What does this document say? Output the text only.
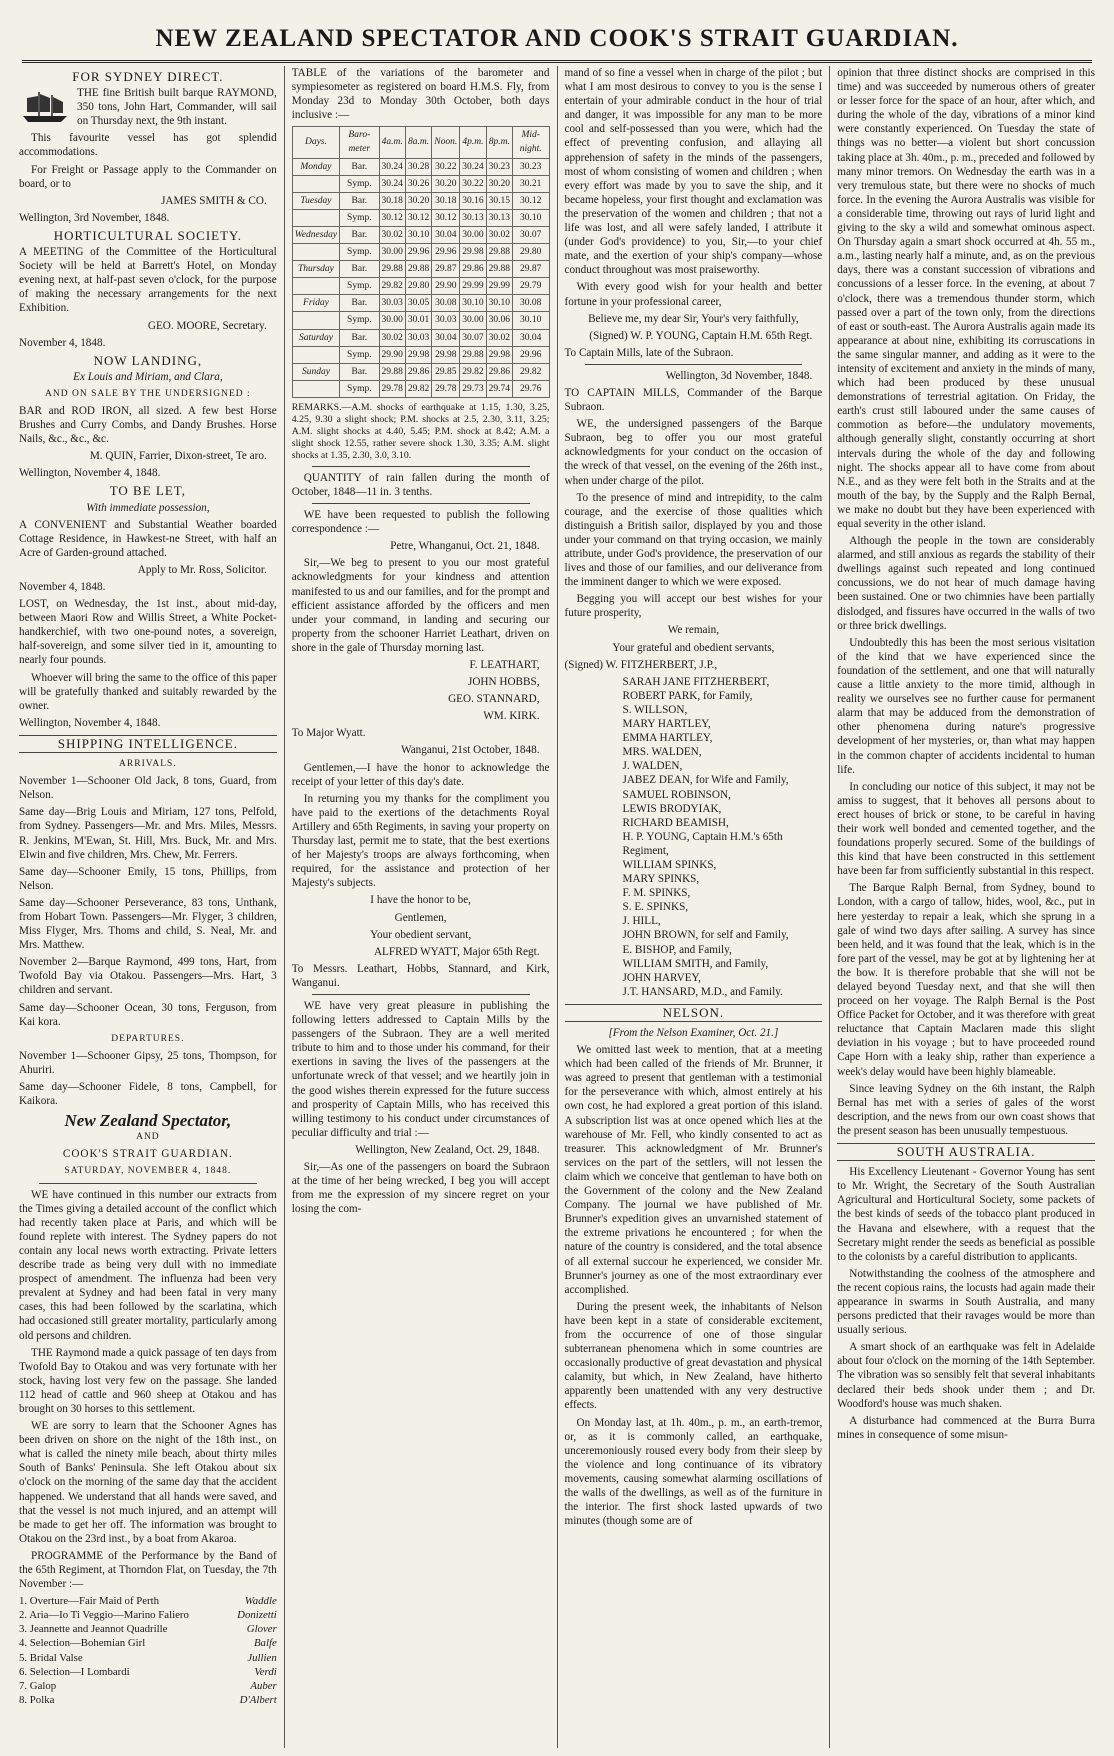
NEW ZEALAND SPECTATOR AND COOK'S STRAIT GUARDIAN.
FOR SYDNEY DIRECT.

THE fine British built barque RAYMOND, 350 tons, John Hart, Commander, will sail on Thursday next, the 9th instant.

This favourite vessel has got splendid accommodations.

For Freight or Passage apply to the Commander on board, or to

JAMES SMITH & CO.

Wellington, 3rd November, 1848.

HORTICULTURAL SOCIETY.

A MEETING of the Committee of the Horticultural Society will be held at Barrett's Hotel, on Monday evening next, at half-past seven o'clock, for the purpose of making the necessary arrangements for the next Exhibition.

GEO. MOORE, Secretary.

November 4, 1848.

NOW LANDING,

Ex Louis and Miriam, and Clara,

AND ON SALE BY THE UNDERSIGNED :

BAR and ROD IRON, all sized. A few best Horse Brushes and Curry Combs, and Dandy Brushes. Horse Nails, &c., &c., &c.

M. QUIN, Farrier, Dixon-street, Te aro.

Wellington, November 4, 1848.

TO BE LET,

With immediate possession,

A CONVENIENT and Substantial Weather boarded Cottage Residence, in Hawkest-ne Street, with half an Acre of Garden-ground attached.

Apply to Mr. Ross, Solicitor.

November 4, 1848.

LOST, on Wednesday, the 1st inst., about mid-day, between Maori Row and Willis Street, a White Pocket-handkerchief, with two one-pound notes, a sovereign, half-sovereign, and some silver tied in it, amounting to nearly four pounds.

Whoever will bring the same to the office of this paper will be gratefully thanked and suitably rewarded by the owner.

Wellington, November 4, 1848.

SHIPPING INTELLIGENCE.

ARRIVALS.

November 1—Schooner Old Jack, 8 tons, Guard, from Nelson.

Same day—Brig Louis and Miriam, 127 tons, Pelfold, from Sydney. Passengers—Mr. and Mrs. Miles, Messrs. R. Jenkins, M'Ewan, St. Hill, Mrs. Buck, Mr. and Mrs. Elwin and five children, Mrs. Chew, Mr. Ferrers.

Same day—Schooner Emily, 15 tons, Phillips, from Nelson.

Same day—Schooner Perseverance, 83 tons, Unthank, from Hobart Town. Passengers—Mr. Flyger, 3 children, Miss Flyger, Mrs. Thoms and child, S. Neal, Mr. and Mrs. Matthew.

November 2—Barque Raymond, 499 tons, Hart, from Twofold Bay via Otakou. Passengers—Mrs. Hart, 3 children and servant.

Same day—Schooner Ocean, 30 tons, Ferguson, from Kai kora.

DEPARTURES.

November 1—Schooner Gipsy, 25 tons, Thompson, for Ahuriri.

Same day—Schooner Fidele, 8 tons, Campbell, for Kaikora.

New Zealand Spectator,

AND

COOK'S STRAIT GUARDIAN.

SATURDAY, NOVEMBER 4, 1848.

WE have continued in this number our extracts from the Times giving a detailed account of the conflict which had recently taken place at Paris, and which will be found replete with interest. The Sydney papers do not contain any local news worth extracting. Private letters describe trade as being very dull with no immediate prospect of amendment. The influenza had been very prevalent at Sydney and had been fatal in very many cases, this had been followed by the scarlatina, which had occasioned still greater mortality, particularly among old persons and children.

THE Raymond made a quick passage of ten days from Twofold Bay to Otakou and was very fortunate with her stock, having lost very few on the passage. She landed 112 head of cattle and 960 sheep at Otakou and has brought on 30 horses to this settlement.

WE are sorry to learn that the Schooner Agnes has been driven on shore on the night of the 18th inst., on what is called the ninety mile beach, about thirty miles South of Banks' Peninsula. She left Otakou about six o'clock on the morning of the same day that the accident happened. We understand that all hands were saved, and that the vessel is not much injured, and an attempt will be made to get her off. The information was brought to Otakou on the 23rd inst., by a boat from Akaroa.

PROGRAMME of the Performance by the Band of the 65th Regiment, at Thorndon Flat, on Tuesday, the 7th November :—

1. Overture—Fair Maid of Perth	Waddle
2. Aria—Io Ti Veggio—Marino Faliero	Donizetti
3. Jeannette and Jeannot Quadrille	Glover
4. Selection—Bohemian Girl	Balfe
5. Bridal Valse	Jullien
6. Selection—I Lombardi	Verdi
7. Galop	Auber
8. Polka	D'Albert

TABLE of the variations of the barometer and sympiesometer as registered on board H.M.S. Fly, from Monday 23d to Monday 30th October, both days inclusive :—

Days.	Baro-meter	4a.m.	8a.m.	Noon.	4p.m.	8p.m.	Mid-night.
Monday	Bar.	30.24	30.28	30.22	30.24	30.23	30.23
	Symp.	30.24	30.26	30.20	30.22	30.20	30.21
Tuesday	Bar.	30.18	30.20	30.18	30.16	30.15	30.12
	Symp.	30.12	30.12	30.12	30.13	30.13	30.10
Wednesday	Bar.	30.02	30.10	30.04	30.00	30.02	30.07
	Symp.	30.00	29.96	29.96	29.98	29.88	29.80
Thursday	Bar.	29.88	29.88	29.87	29.86	29.88	29.87
	Symp.	29.82	29.80	29.90	29.99	29.99	29.79
Friday	Bar.	30.03	30.05	30.08	30.10	30.10	30.08
	Symp.	30.00	30.01	30.03	30.00	30.06	30.10
Saturday	Bar.	30.02	30.03	30.04	30.07	30.02	30.04
	Symp.	29.90	29.98	29.98	29.88	29.98	29.96
Sunday	Bar.	29.88	29.86	29.85	29.82	29.86	29.82
	Symp.	29.78	29.82	29.78	29.73	29.74	29.76

REMARKS.—A.M. shocks of earthquake at 1.15, 1.30, 3.25, 4.25, 9.30 a slight shock; P.M. shocks at 2.5, 2.30, 3.11, 3.25; A.M. slight shocks at 4.40, 5.45; P.M. shock at 8.42; A.M. a slight shock 12.55, rather severe shock 1.30, 3.35; A.M. slight shocks at 1.35, 2.30, 3.0, 3.10.

QUANTITY of rain fallen during the month of October, 1848—11 in. 3 tenths.

WE have been requested to publish the following correspondence :—

Petre, Whanganui, Oct. 21, 1848.

Sir,—We beg to present to you our most grateful acknowledgments for your kindness and attention manifested to us and our families, and for the prompt and efficient assistance afforded by the officers and men under your command, in landing and securing our property from the schooner Harriet Leathart, driven on shore in the gale of Thursday morning last.

F. LEATHART,

JOHN HOBBS,

GEO. STANNARD,

WM. KIRK.

To Major Wyatt.

Wanganui, 21st October, 1848.

Gentlemen,—I have the honor to acknowledge the receipt of your letter of this day's date.

In returning you my thanks for the compliment you have paid to the exertions of the detachments Royal Artillery and 65th Regiments, in saving your property on Thursday last, permit me to state, that the best exertions of her Majesty's troops are always forthcoming, when required, for the assistance and protection of her Majesty's subjects.

I have the honor to be,

Gentlemen,

Your obedient servant,

ALFRED WYATT, Major 65th Regt.

To Messrs. Leathart, Hobbs, Stannard, and Kirk, Wanganui.

WE have very great pleasure in publishing the following letters addressed to Captain Mills by the passengers of the Subraon. They are a well merited tribute to him and to those under his command, for their exertions in saving the lives of the passengers at the unfortunate wreck of that vessel; and we heartily join in the good wishes therein expressed for the future success and prosperity of Captain Mills, who has received this willing testimony to his conduct under circumstances of peculiar difficulty and trial :—

Wellington, New Zealand, Oct. 29, 1848.

Sir,—As one of the passengers on board the Subraon at the time of her being wrecked, I beg you will accept from me the expression of my sincere regret on your losing the com-

mand of so fine a vessel when in charge of the pilot ; but what I am most desirous to convey to you is the sense I entertain of your admirable conduct in the hour of trial and danger, it was impossible for any man to be more cool and self-possessed than you were, which had the effect of preventing confusion, and allaying all apprehension of safety in the minds of the passengers, most of whom consisting of women and children ; when every effort was made by you to save the ship, and it became hopeless, your first thought and exclamation was the preservation of the women and children ; that not a life was lost, and all were safely landed, I attribute it (under God's providence) to you, Sir,—to your chief mate, and the exertion of your ship's company—whose conduct throughout was most praiseworthy.

With every good wish for your health and better fortune in your professional career,

Believe me, my dear Sir, Your's very faithfully,

(Signed) W. P. YOUNG, Captain H.M. 65th Regt.

To Captain Mills, late of the Subraon.

Wellington, 3d November, 1848.

TO CAPTAIN MILLS, Commander of the Barque Subraon.

WE, the undersigned passengers of the Barque Subraon, beg to offer you our most grateful acknowledgments for your conduct on the occasion of the wreck of that vessel, on the evening of the 26th inst., when under charge of the pilot.

To the presence of mind and intrepidity, to the calm courage, and the exercise of those qualities which distinguish a British sailor, displayed by you and those under your command on that trying occasion, we mainly attribute, under God's providence, the preservation of our lives and those of our families, and our deliverance from the imminent danger to which we were exposed.

Begging you will accept our best wishes for your future prosperity,

We remain,

Your grateful and obedient servants,

(Signed) W. FITZHERBERT, J.P.,

SARAH JANE FITZHERBERT,

ROBERT PARK, for Family,

S. WILLSON,

MARY HARTLEY,

EMMA HARTLEY,

MRS. WALDEN,

J. WALDEN,

JABEZ DEAN, for Wife and Family,

SAMUEL ROBINSON,

LEWIS BRODYIAK,

RICHARD BEAMISH,

H. P. YOUNG, Captain H.M.'s 65th Regiment,

WILLIAM SPINKS,

MARY SPINKS,

F. M. SPINKS,

S. E. SPINKS,

J. HILL,

JOHN BROWN, for self and Family,

E. BISHOP, and Family,

WILLIAM SMITH, and Family,

JOHN HARVEY,

J.T. HANSARD, M.D., and Family.

NELSON.

[From the Nelson Examiner, Oct. 21.]

We omitted last week to mention, that at a meeting which had been called of the friends of Mr. Brunner, it was agreed to present that gentleman with a testimonial for the perseverance with which, almost entirely at his own cost, he had explored a great portion of this island. A subscription list was at once opened which lies at the warehouse of Mr. Fell, who kindly consented to act as treasurer. This acknowledgment of Mr. Brunner's services on the part of the settlers, will not lessen the claim which we conceive that gentleman to have both on the Government of the colony and the New Zealand Company. The journal we have published of Mr. Brunner's expedition gives an unvarnished statement of the extreme privations he encountered ; for when the nature of the country is considered, and the total absence of all external succour he experienced, we consider Mr. Brunner's journey as one of the most extraordinary ever accomplished.

During the present week, the inhabitants of Nelson have been kept in a state of considerable excitement, from the occurrence of one of those singular subterranean phenomena which in some countries are occasionally productive of great devastation and physical calamity, but which, in New Zealand, have hitherto apparently been unattended with any very destructive effects.

On Monday last, at 1h. 40m., p. m., an earth-tremor, or, as it is commonly called, an earthquake, unceremoniously roused every body from their sleep by the violence and long continuance of its vibratory movements, causing somewhat alarming oscillations of the walls of the dwellings, as well as of the furniture in the interior. The first shock lasted upwards of two minutes (though some are of

opinion that three distinct shocks are comprised in this time) and was succeeded by numerous others of greater or lesser force for the space of an hour, after which, and during the whole of the day, vibrations of a minor kind were constantly experienced. On Tuesday the state of things was no better—a violent but short concussion taking place at 3h. 40m., p. m., preceded and followed by many minor tremors. On Wednesday the earth was in a very tremulous state, but there were no shocks of much force. In the evening the Aurora Australis was visible for a considerable time, throwing out rays of lurid light and giving to the sky a wild and somewhat ominous aspect. On Thursday again a smart shock occurred at 4h. 55 m., a.m., lasting nearly half a minute, and, as on the previous days, there was a constant succession of vibrations and concussions of a lesser force. In the evening, at about 7 o'clock, there was a tremendous thunder storm, which passed over a part of the town only, from the directions of east or south-east. The Aurora Australis again made its appearance at about nine, exhibiting its corruscations in the same singular manner, and adding as it were to the intensity of excitement and anxiety in the minds of many, which had been produced by these unusual demonstrations of terrestrial agitation. On Friday, the earth's crust still laboured under the same causes of commotion as before—the undulatory movements, although generally slight, constantly occurring at short intervals during the whole of the day and following night. The shocks appear all to have come from about N.E., and as they were felt both in the Straits and at the mouth of the bay, by the Supply and the Ralph Bernal, we make no doubt but they have been experienced with equal severity in the other island.

Although the people in the town are considerably alarmed, and still anxious as regards the stability of their dwellings against such repeated and long continued concussions, we do not hear of much damage having been sustained. One or two chimnies have been partially dislodged, and fissures have occurred in the walls of two or three brick dwellings.

Undoubtedly this has been the most serious visitation of the kind that we have experienced since the foundation of the settlement, and one that will naturally cause a little anxiety to the more timid, although in reality we ourselves see no further cause for permanent alarm that may be adduced from the demonstration of other phenomena during nature's progressive development of her mysteries, or, than what may happen in the common chapter of accidents incidental to human life.

In concluding our notice of this subject, it may not be amiss to suggest, that it behoves all persons about to erect houses of brick or stone, to be careful in having their work well bonded and cemented together, and the foundations properly secured. Some of the buildings of this kind that have been constructed in this settlement have been far from sufficiently substantial in this respect.

The Barque Ralph Bernal, from Sydney, bound to London, with a cargo of tallow, hides, wool, &c., put in here yesterday to repair a leak, which she sprung in a gale of wind two days after sailing. A survey has since been held, and it was found that the leak, which is in the fore part of the vessel, may be got at by lightening her at the bow. It is therefore probable that she will not be delayed beyond Tuesday next, and that she will then proceed on her voyage. The Ralph Bernal is the Post Office Packet for October, and it was therefore with great reluctance that Captain Maclaren made this slight deviation in his voyage ; but to have proceeded round Cape Horn with a leaky ship, rather than experience a week's delay would have been highly blameable.

Since leaving Sydney on the 6th instant, the Ralph Bernal has met with a series of gales of the worst description, and the news from our own coast shows that the present season has been unusually tempestuous.

SOUTH AUSTRALIA.

His Excellency Lieutenant - Governor Young has sent to Mr. Wright, the Secretary of the South Australian Agricultural and Horticultural Society, some packets of the best kinds of seeds of the tobacco plant produced in the Havana and elsewhere, with a request that the Secretary might render the seeds as beneficial as possible to the colonists by a careful distribution to applicants.

Notwithstanding the coolness of the atmosphere and the recent copious rains, the locusts had again made their appearance in swarms in South Australia, and many persons predicted that their ravages would be more than usually serious.

A smart shock of an earthquake was felt in Adelaide about four o'clock on the morning of the 14th September. The vibration was so sensibly felt that several inhabitants declared their beds shook under them ; and Dr. Woodford's house was much shaken.

A disturbance had commenced at the Burra Burra mines in consequence of some misun-
